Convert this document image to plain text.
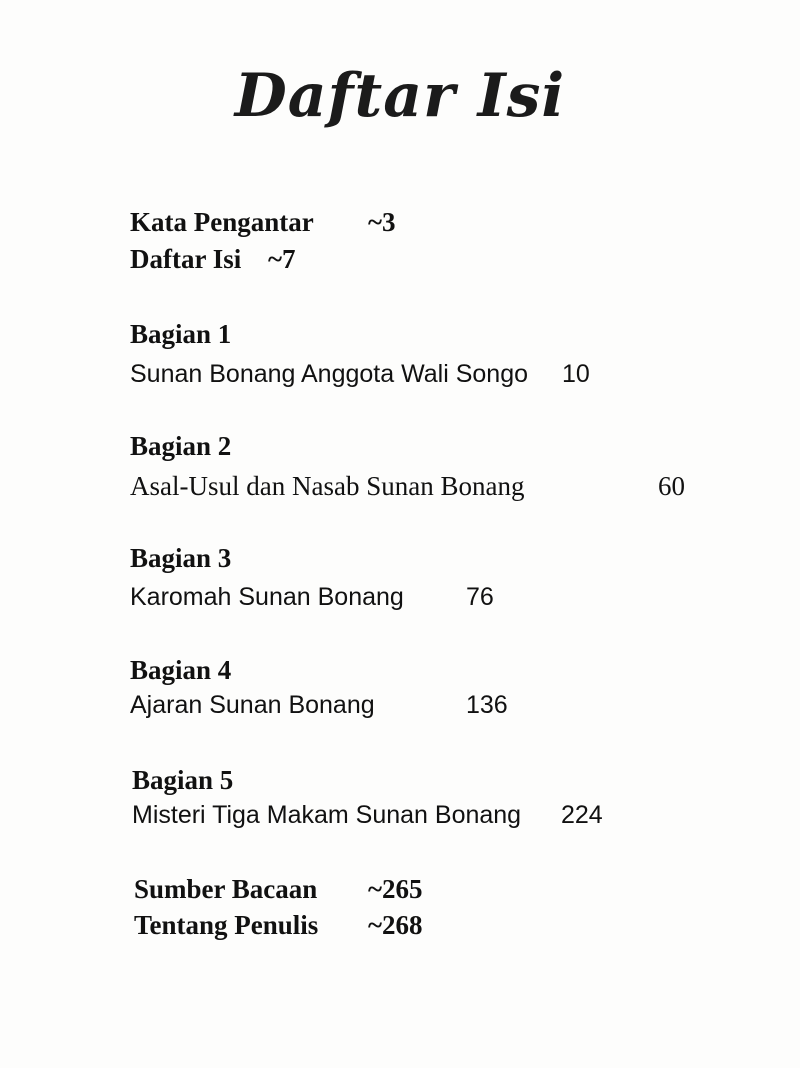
Daftar Isi
Kata Pengantar ~3
Daftar Isi ~7
Bagian 1
Sunan Bonang Anggota Wali Songo 10
Bagian 2
Asal-Usul dan Nasab Sunan Bonang	60
Bagian 3
Karomah Sunan Bonang 76
Bagian 4
Ajaran Sunan Bonang	136
Bagian 5
Misteri Tiga Makam Sunan Bonang 224
Sumber Bacaan ~265
Tentang Penulis ~268
